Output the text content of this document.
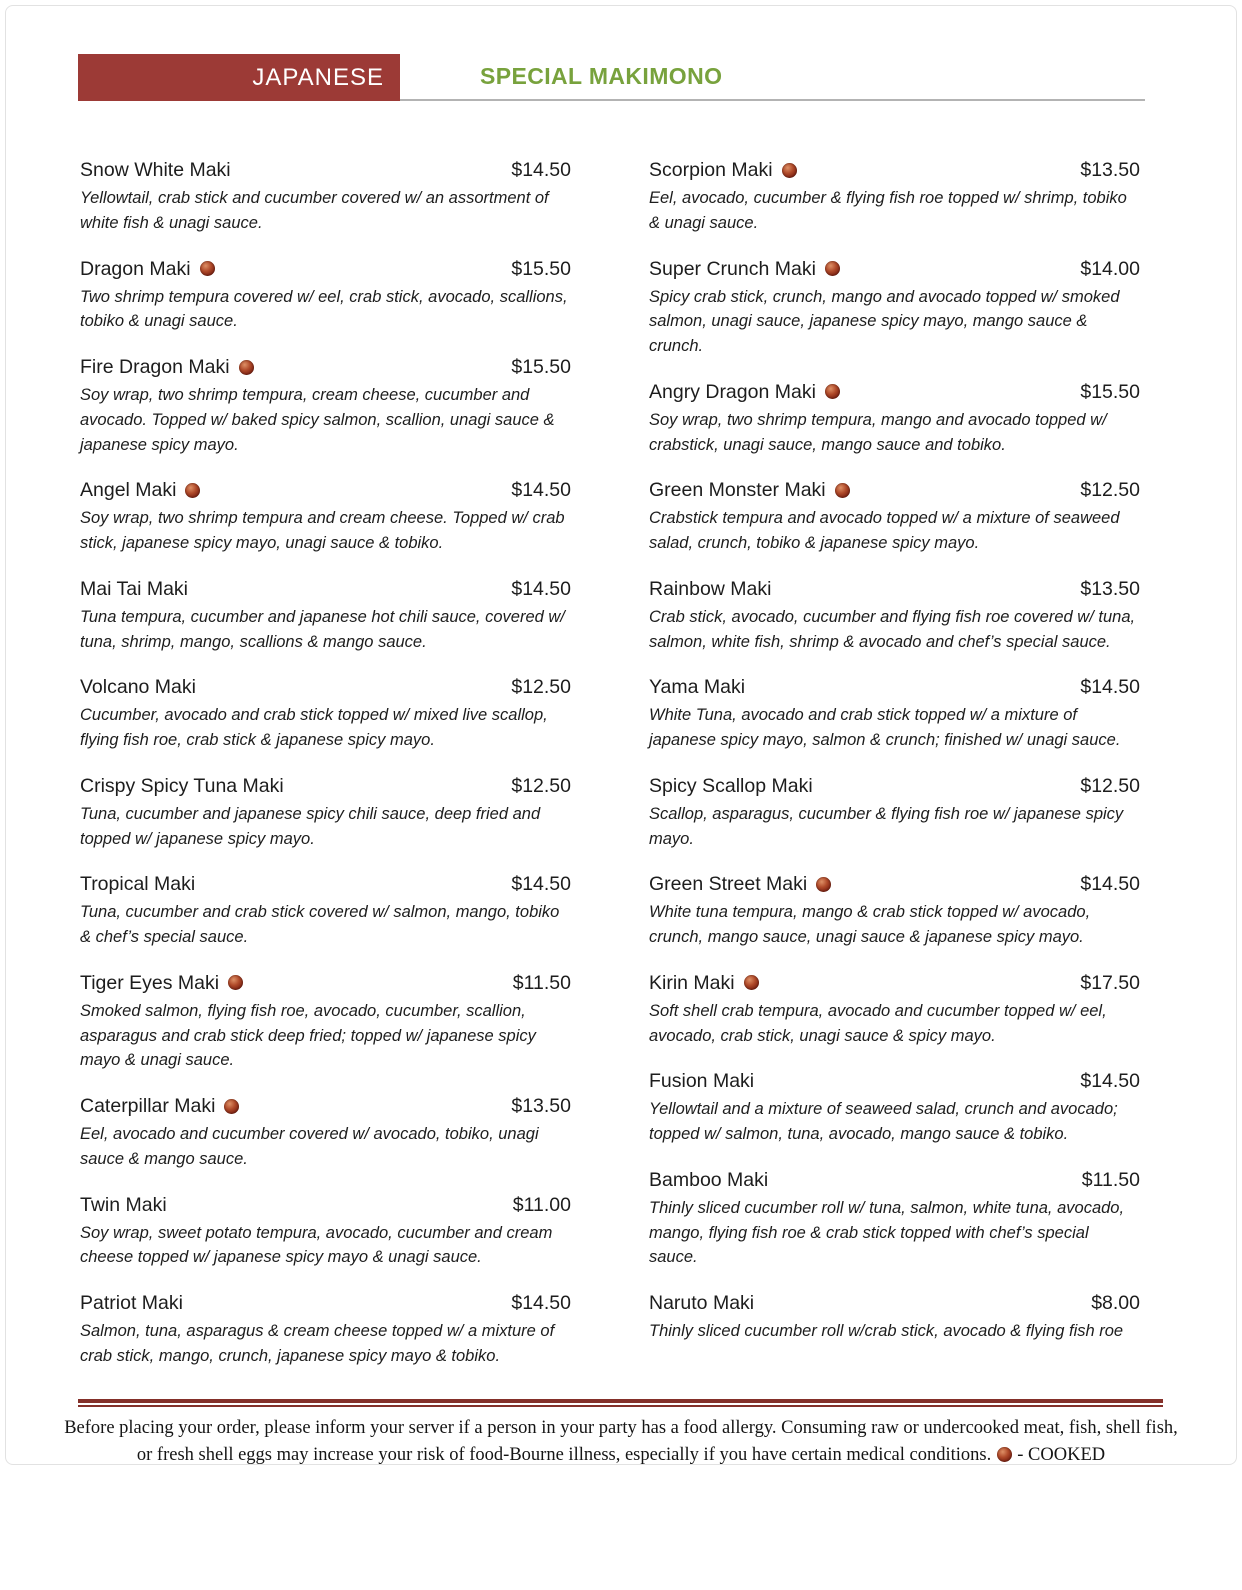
JAPANESE	SPECIAL MAKIMONO
Snow White Maki	$14.50

Yellowtail, crab stick and cucumber covered w/ an assortment of white fish & unagi sauce.

Dragon Maki	$15.50

Two shrimp tempura covered w/ eel, crab stick, avocado, scallions, tobiko & unagi sauce.

Fire Dragon Maki	$15.50

Soy wrap, two shrimp tempura, cream cheese, cucumber and avocado. Topped w/ baked spicy salmon, scallion, unagi sauce & japanese spicy mayo.

Angel Maki	$14.50

Soy wrap, two shrimp tempura and cream cheese. Topped w/ crab stick, japanese spicy mayo, unagi sauce & tobiko.

Mai Tai Maki	$14.50

Tuna tempura, cucumber and japanese hot chili sauce, covered w/ tuna, shrimp, mango, scallions & mango sauce.

Volcano Maki	$12.50

Cucumber, avocado and crab stick topped w/ mixed live scallop, flying fish roe, crab stick & japanese spicy mayo.

Crispy Spicy Tuna Maki	$12.50

Tuna, cucumber and japanese spicy chili sauce, deep fried and topped w/ japanese spicy mayo.

Tropical Maki	$14.50

Tuna, cucumber and crab stick covered w/ salmon, mango, tobiko & chef’s special sauce.

Tiger Eyes Maki	$11.50

Smoked salmon, flying fish roe, avocado, cucumber, scallion, asparagus and crab stick deep fried; topped w/ japanese spicy mayo & unagi sauce.

Caterpillar Maki	$13.50

Eel, avocado and cucumber covered w/ avocado, tobiko, unagi sauce & mango sauce.

Twin Maki	$11.00

Soy wrap, sweet potato tempura, avocado, cucumber and cream cheese topped w/ japanese spicy mayo & unagi sauce.

Patriot Maki	$14.50

Salmon, tuna, asparagus & cream cheese topped w/ a mixture of crab stick, mango, crunch, japanese spicy mayo & tobiko.

Scorpion Maki	$13.50

Eel, avocado, cucumber & flying fish roe topped w/ shrimp, tobiko & unagi sauce.

Super Crunch Maki	$14.00

Spicy crab stick, crunch, mango and avocado topped w/ smoked salmon, unagi sauce, japanese spicy mayo, mango sauce & crunch.

Angry Dragon Maki	$15.50

Soy wrap, two shrimp tempura, mango and avocado topped w/ crabstick, unagi sauce, mango sauce and tobiko.

Green Monster Maki	$12.50

Crabstick tempura and avocado topped w/ a mixture of seaweed salad, crunch, tobiko & japanese spicy mayo.

Rainbow Maki	$13.50

Crab stick, avocado, cucumber and flying fish roe covered w/ tuna, salmon, white fish, shrimp & avocado and chef’s special sauce.

Yama Maki	$14.50

White Tuna, avocado and crab stick topped w/ a mixture of japanese spicy mayo, salmon & crunch; finished w/ unagi sauce.

Spicy Scallop Maki	$12.50

Scallop, asparagus, cucumber & flying fish roe w/ japanese spicy mayo.

Green Street Maki	$14.50

White tuna tempura, mango & crab stick topped w/ avocado, crunch, mango sauce, unagi sauce & japanese spicy mayo.

Kirin Maki	$17.50

Soft shell crab tempura, avocado and cucumber topped w/ eel, avocado, crab stick, unagi sauce & spicy mayo.

Fusion Maki	$14.50

Yellowtail and a mixture of seaweed salad, crunch and avocado; topped w/ salmon, tuna, avocado, mango sauce & tobiko.

Bamboo Maki	$11.50

Thinly sliced cucumber roll w/ tuna, salmon, white tuna, avocado, mango, flying fish roe & crab stick topped with chef’s special sauce.

Naruto Maki	$8.00

Thinly sliced cucumber roll w/crab stick, avocado & flying fish roe

Before placing your order, please inform your server if a person in your party has a food allergy. Consuming raw or undercooked meat, fish, shell fish, or fresh shell eggs may increase your risk of food-Bourne illness, especially if you have certain medical conditions. - COOKED
